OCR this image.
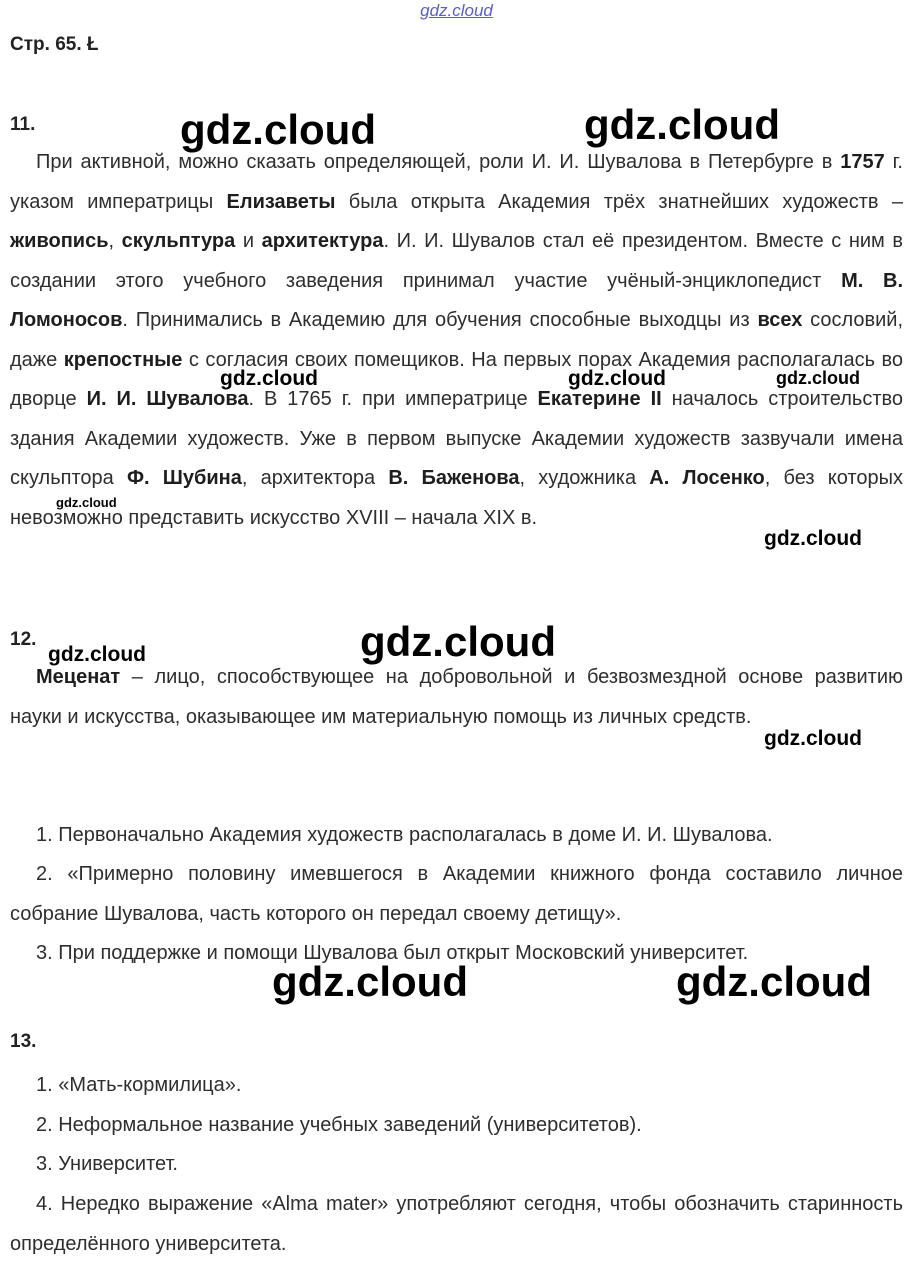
gdz.cloud
Стр. 65. Ł
11.
При активной, можно сказать определяющей, роли И. И. Шувалова в Петербурге в 1757 г. указом императрицы Елизаветы была открыта Академия трёх знатнейших художеств – живопись, скульптура и архитектура. И. И. Шувалов стал её президентом. Вместе с ним в создании этого учебного заведения принимал участие учёный-энциклопедист М. В. Ломоносов. Принимались в Академию для обучения способные выходцы из всех сословий, даже крепостные с согласия своих помещиков. На первых порах Академия располагалась во дворце И. И. Шувалова. В 1765 г. при императрице Екатерине II началось строительство здания Академии художеств. Уже в первом выпуске Академии художеств зазвучали имена скульптора Ф. Шубина, архитектора В. Баженова, художника А. Лосенко, без которых невозможно представить искусство XVIII – начала XIX в.
12.
Меценат – лицо, способствующее на добровольной и безвозмездной основе развитию науки и искусства, оказывающее им материальную помощь из личных средств.
1. Первоначально Академия художеств располагалась в доме И. И. Шувалова.
2. «Примерно половину имевшегося в Академии книжного фонда составило личное собрание Шувалова, часть которого он передал своему детищу».
3. При поддержке и помощи Шувалова был открыт Московский университет.
13.
1. «Мать-кормилица».
2. Неформальное название учебных заведений (университетов).
3. Университет.
4. Нередко выражение «Alma mater» употребляют сегодня, чтобы обозначить старинность определённого университета.
gdz.cloud	gdz.cloud
gdz.cloud	gdz.cloud	gdz.cloud
gdz.cloud
gdz.cloud
gdz.cloud
gdz.cloud
gdz.cloud
gdz.cloud	gdz.cloud
